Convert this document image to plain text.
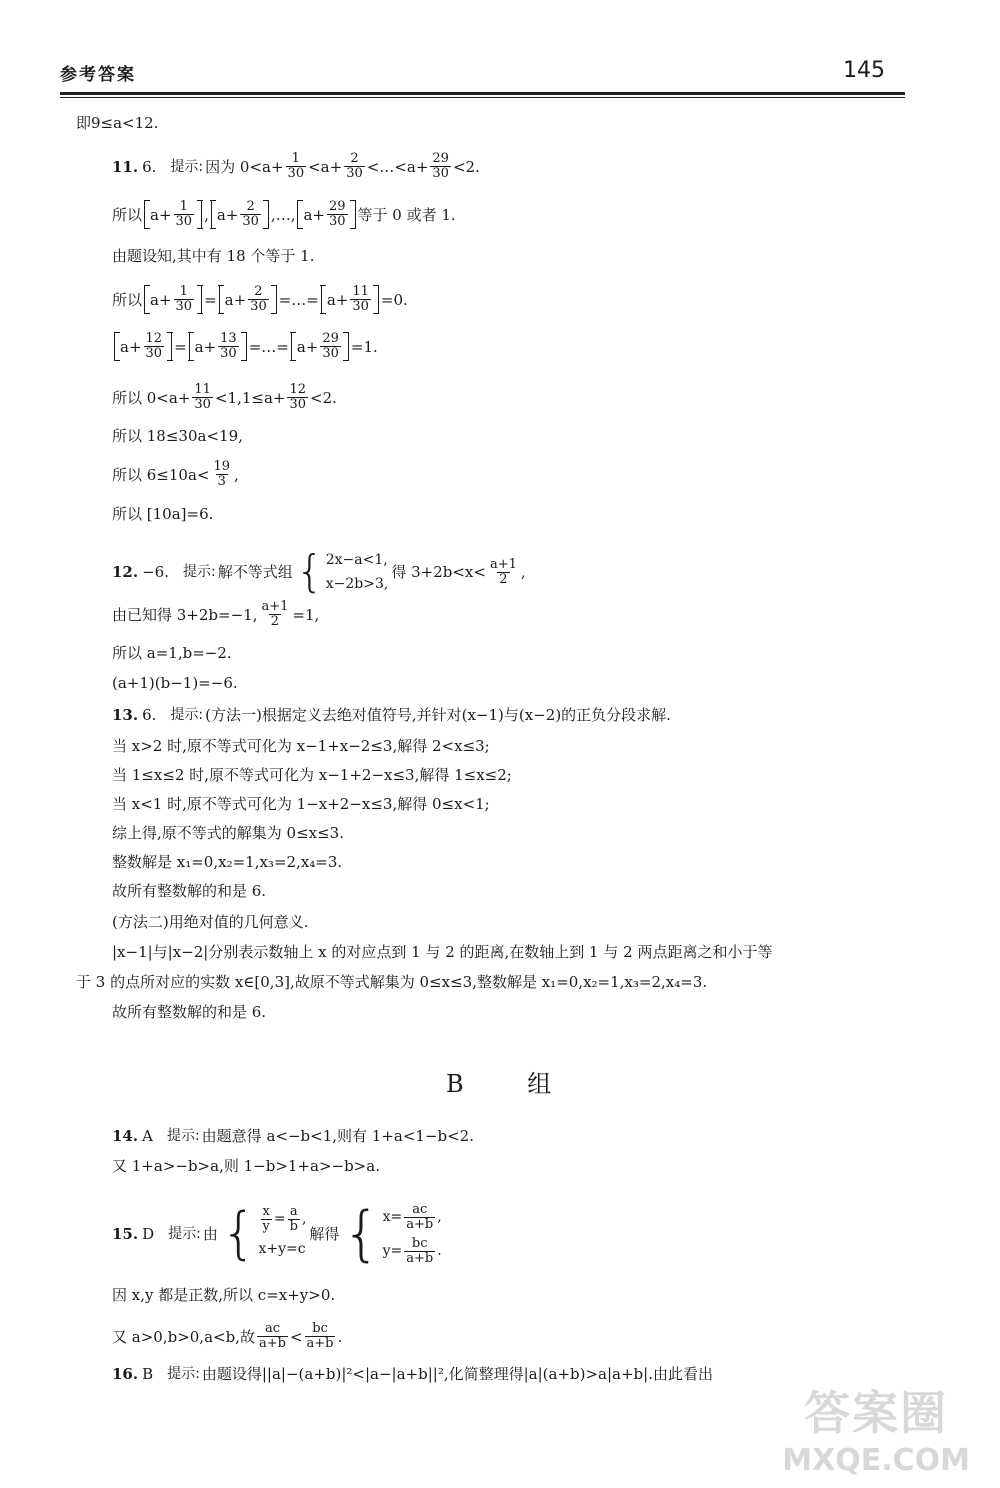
参考答案	145
即9≤a<12.
11. 6. 提示: 因为 $0<a+ \frac{1}{30} <a+ \frac{2}{30}$ <…<a+ $\frac{29}{30} <2$.
所以 $a+ \frac{1}{30}$ , $a+ \frac{2}{30}$ ,…, $a+ \frac{29}{30}$ 等于 0 或者 1.
由题设知,其中有 18 个等于 1.
所以 $a+ \frac{1}{30} = a+ \frac{2}{30}$ =…= $a+ \frac{11}{30} =0$.
$a+ \frac{12}{30} = a+ \frac{13}{30}$ =…= $a+ \frac{29}{30} =1$.
所以 $0<a+ \frac{11}{30} <1,1\le a+ \frac{12}{30} <2$.
所以 18≤30a<19,
所以 $6\le 10a< \frac{19}{3}$ ,
所以 [10a]=6.
12. −6. 提示: 解不等式组 { 2x−a<1,
x−2b>3,
得 $3+2b<x< \frac{a+1}{2}$ ,
由已知得 3+2b=−1, $\frac{a+1}{2} =1$,
所以 a=1,b=−2.
(a+1)(b−1)=−6.
13. 6. 提示: (方法一)根据定义去绝对值符号,并针对(x−1)与(x−2)的正负分段求解.
当 x>2 时,原不等式可化为 x−1+x−2≤3,解得 2<x≤3;
当 1≤x≤2 时,原不等式可化为 x−1+2−x≤3,解得 1≤x≤2;
当 x<1 时,原不等式可化为 1−x+2−x≤3,解得 0≤x<1;
综上得,原不等式的解集为 0≤x≤3.
整数解是 x₁=0,x₂=1,x₃=2,x₄=3.
故所有整数解的和是 6.
(方法二)用绝对值的几何意义.
|x−1|与|x−2|分别表示数轴上 x 的对应点到 1 与 2 的距离,在数轴上到 1 与 2 两点距离之和小于等
于 3 的点所对应的实数 x∈[0,3],故原不等式解集为 0≤x≤3,整数解是 x₁=0,x₂=1,x₃=2,x₄=3.
故所有整数解的和是 6.
B 组
14. A 提示: 由题意得 a<−b<1,则有 1+a<1−b<2.
又 1+a>−b>a,则 1−b>1+a>−b>a.
15. D 提示: 由 { $\frac{x}{y} = \frac{a}{b}$ ,
x+y=c
解得 { $x= \frac{ac}{a+b}$ ,
$y= \frac{bc}{a+b}$ .
因 x,y 都是正数,所以 c=x+y>0.
又 a>0,b>0,a<b,故 $\frac{ac}{a+b} < \frac{bc}{a+b}$ .
16. B 提示: 由题设得||a|−(a+b)|²<|a−|a+b||²,化简整理得|a|(a+b)>a|a+b|.由此看出
答案圈
MXQE.COM
